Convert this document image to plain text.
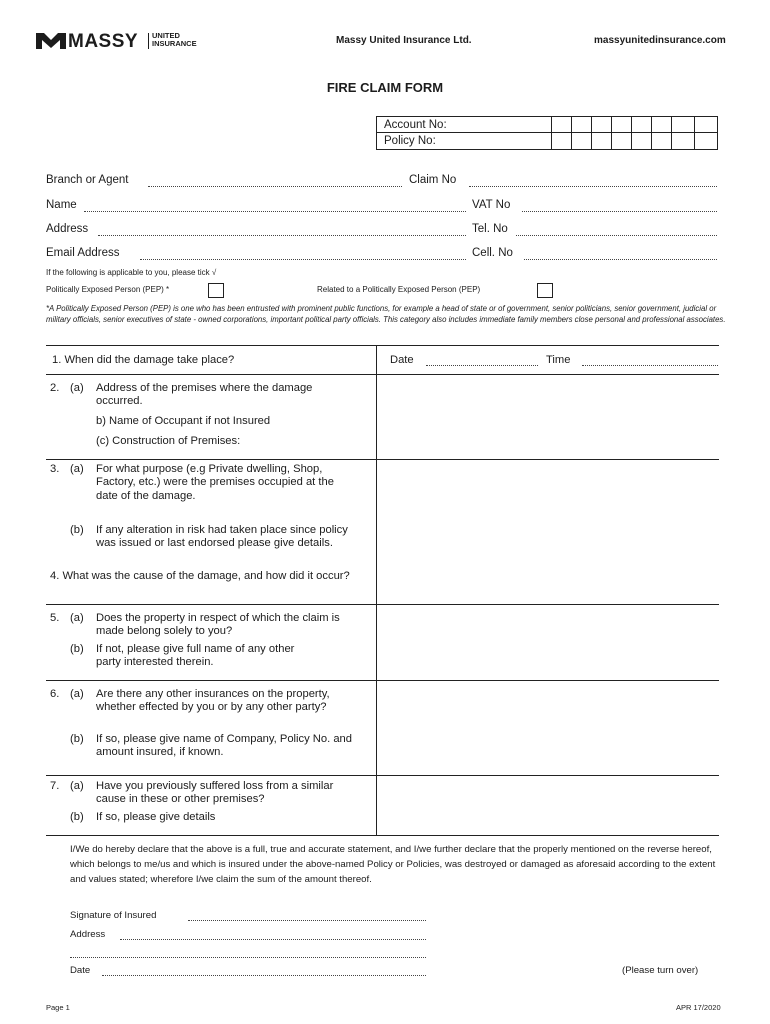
MASSY UNITED
INSURANCE	Massy United Insurance Ltd.	massyunitedinsurance.com
FIRE CLAIM FORM
Account No:
Policy No:
Branch or Agent	Claim No
Name	VAT No
Address	Tel. No
Email Address	Cell. No
If the following is applicable to you, please tick √
Politically Exposed Person (PEP) *	Related to a Politically Exposed Person (PEP)
*A Politically Exposed Person (PEP) is one who has been entrusted with prominent public functions, for example a head of state or of government, senior politicians, senior government, judicial or military officials, senior executives of state - owned corporations, important political party officials. This category also includes immediate family members close personal and professional associates.
1. When did the damage take place?	Date	Time
2. (a) Address of the premises where the damage occurred.
b) Name of Occupant if not Insured
(c) Construction of Premises:
3. (a) For what purpose (e.g Private dwelling, Shop, Factory, etc.) were the premises occupied at the date of the damage.
(b) If any alteration in risk had taken place since policy was issued or last endorsed please give details.
4. What was the cause of the damage, and how did it occur?
5. (a) Does the property in respect of which the claim is made belong solely to you?
(b) If not, please give full name of any other party interested therein.
6. (a) Are there any other insurances on the property, whether effected by you or by any other party?
(b) If so, please give name of Company, Policy No. and amount insured, if known.
7. (a) Have you previously suffered loss from a similar cause in these or other premises?
(b) If so, please give details
I/We do hereby declare that the above is a full, true and accurate statement, and I/we further declare that the properly mentioned on the reverse hereof, which belongs to me/us and which is insured under the above-named Policy or Policies, was destroyed or damaged as aforesaid according to the extent and values stated; wherefore I/we claim the sum of the amount thereof.
Signature of Insured
Address
Date	(Please turn over)
Page 1	APR 17/2020
